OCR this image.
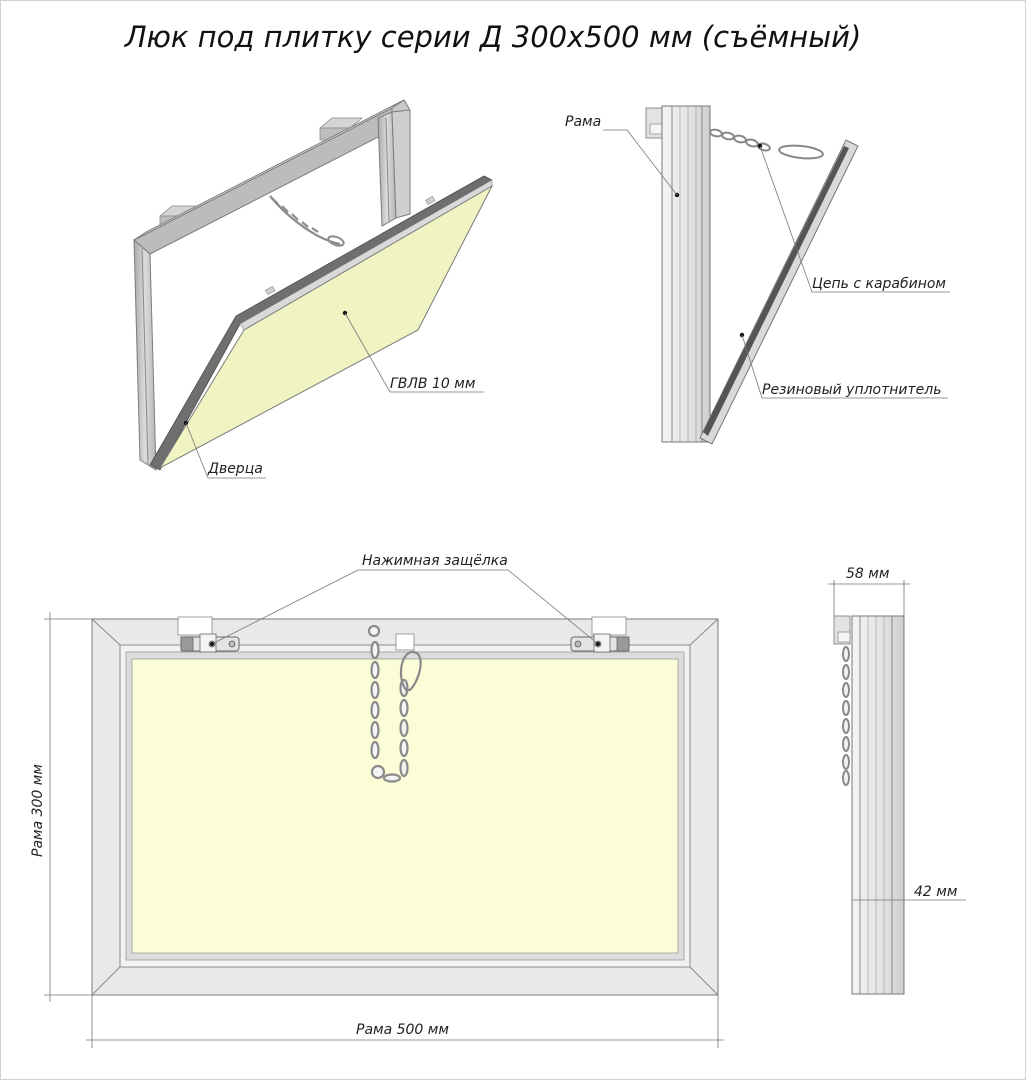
Люк под плитку серии Д 300х500 мм (съёмный)
ГВЛВ 10 мм
Дверца
Рама
Цепь с карабином
Резиновый уплотнитель
Нажимная защёлка
Рама 300 мм
Рама 500 мм
58 мм
42 мм
